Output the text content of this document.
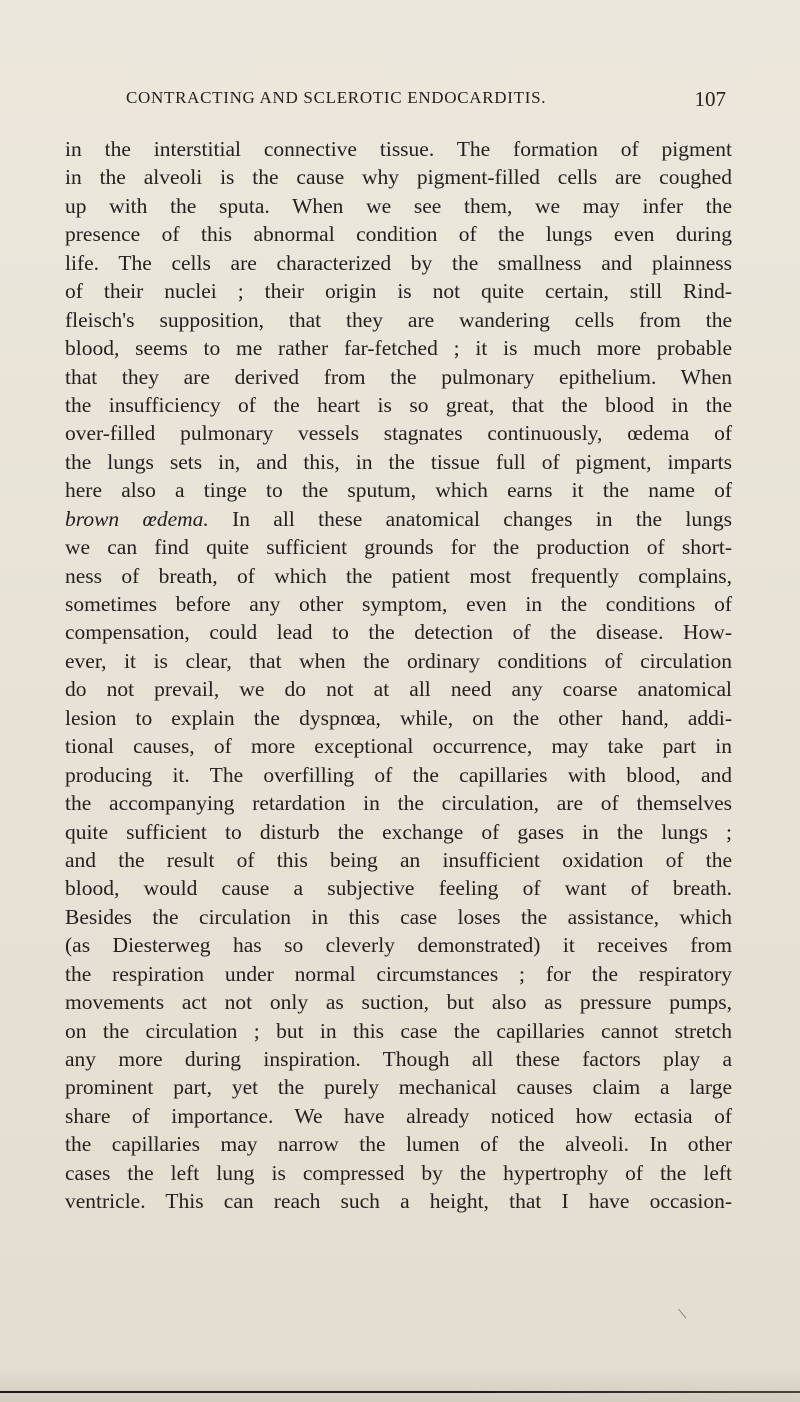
CONTRACTING AND SCLEROTIC ENDOCARDITIS.	107
in the interstitial connective tissue. The formation of pigment
in the alveoli is the cause why pigment-filled cells are coughed
up with the sputa. When we see them, we may infer the
presence of this abnormal condition of the lungs even during
life. The cells are characterized by the smallness and plainness
of their nuclei ; their origin is not quite certain, still Rind-
fleisch's supposition, that they are wandering cells from the
blood, seems to me rather far-fetched ; it is much more probable
that they are derived from the pulmonary epithelium. When
the insufficiency of the heart is so great, that the blood in the
over-filled pulmonary vessels stagnates continuously, œdema of
the lungs sets in, and this, in the tissue full of pigment, imparts
here also a tinge to the sputum, which earns it the name of
brown œdema. In all these anatomical changes in the lungs
we can find quite sufficient grounds for the production of short-
ness of breath, of which the patient most frequently complains,
sometimes before any other symptom, even in the conditions of
compensation, could lead to the detection of the disease. How-
ever, it is clear, that when the ordinary conditions of circulation
do not prevail, we do not at all need any coarse anatomical
lesion to explain the dyspnœa, while, on the other hand, addi-
tional causes, of more exceptional occurrence, may take part in
producing it. The overfilling of the capillaries with blood, and
the accompanying retardation in the circulation, are of themselves
quite sufficient to disturb the exchange of gases in the lungs ;
and the result of this being an insufficient oxidation of the
blood, would cause a subjective feeling of want of breath.
Besides the circulation in this case loses the assistance, which
(as Diesterweg has so cleverly demonstrated) it receives from
the respiration under normal circumstances ; for the respiratory
movements act not only as suction, but also as pressure pumps,
on the circulation ; but in this case the capillaries cannot stretch
any more during inspiration. Though all these factors play a
prominent part, yet the purely mechanical causes claim a large
share of importance. We have already noticed how ectasia of
the capillaries may narrow the lumen of the alveoli. In other
cases the left lung is compressed by the hypertrophy of the left
ventricle. This can reach such a height, that I have occasion-
\
